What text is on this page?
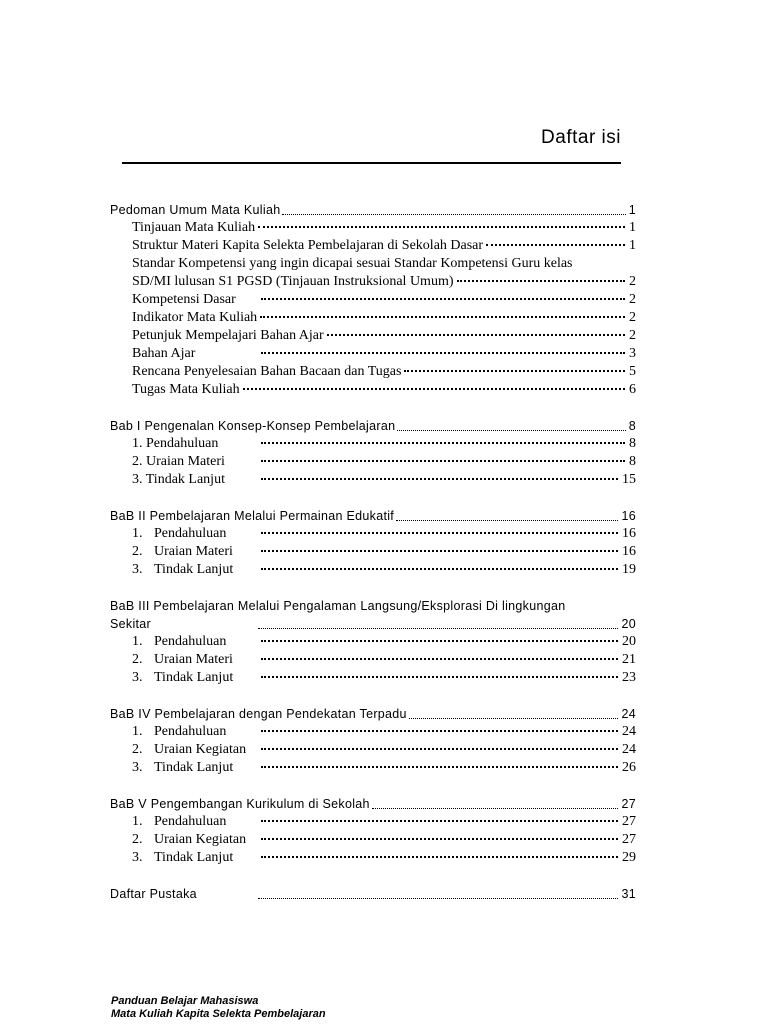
Daftar isi
Pedoman Umum Mata Kuliah	1
Tinjauan Mata Kuliah	1
Struktur Materi Kapita Selekta Pembelajaran di Sekolah Dasar	1
Standar Kompetensi yang ingin dicapai sesuai Standar Kompetensi Guru kelas
SD/MI lulusan S1 PGSD (Tinjauan Instruksional Umum)	2
Kompetensi Dasar	2
Indikator Mata Kuliah	2
Petunjuk Mempelajari Bahan Ajar	2
Bahan Ajar	3
Rencana Penyelesaian Bahan Bacaan dan Tugas	5
Tugas Mata Kuliah	6
Bab I Pengenalan Konsep-Konsep Pembelajaran	8
1. Pendahuluan	8
2. Uraian Materi	8
3. Tindak Lanjut	15
BaB II Pembelajaran Melalui Permainan Edukatif	16
1. Pendahuluan	16
2. Uraian Materi	16
3. Tindak Lanjut	19
BaB III Pembelajaran Melalui Pengalaman Langsung/Eksplorasi Di lingkungan
Sekitar	20
1. Pendahuluan	20
2. Uraian Materi	21
3. Tindak Lanjut	23
BaB IV Pembelajaran dengan Pendekatan Terpadu	24
1. Pendahuluan	24
2. Uraian Kegiatan	24
3. Tindak Lanjut	26
BaB V Pengembangan Kurikulum di Sekolah	27
1. Pendahuluan	27
2. Uraian Kegiatan	27
3. Tindak Lanjut	29
Daftar Pustaka	31
Panduan Belajar Mahasiswa
Mata Kuliah Kapita Selekta Pembelajaran
